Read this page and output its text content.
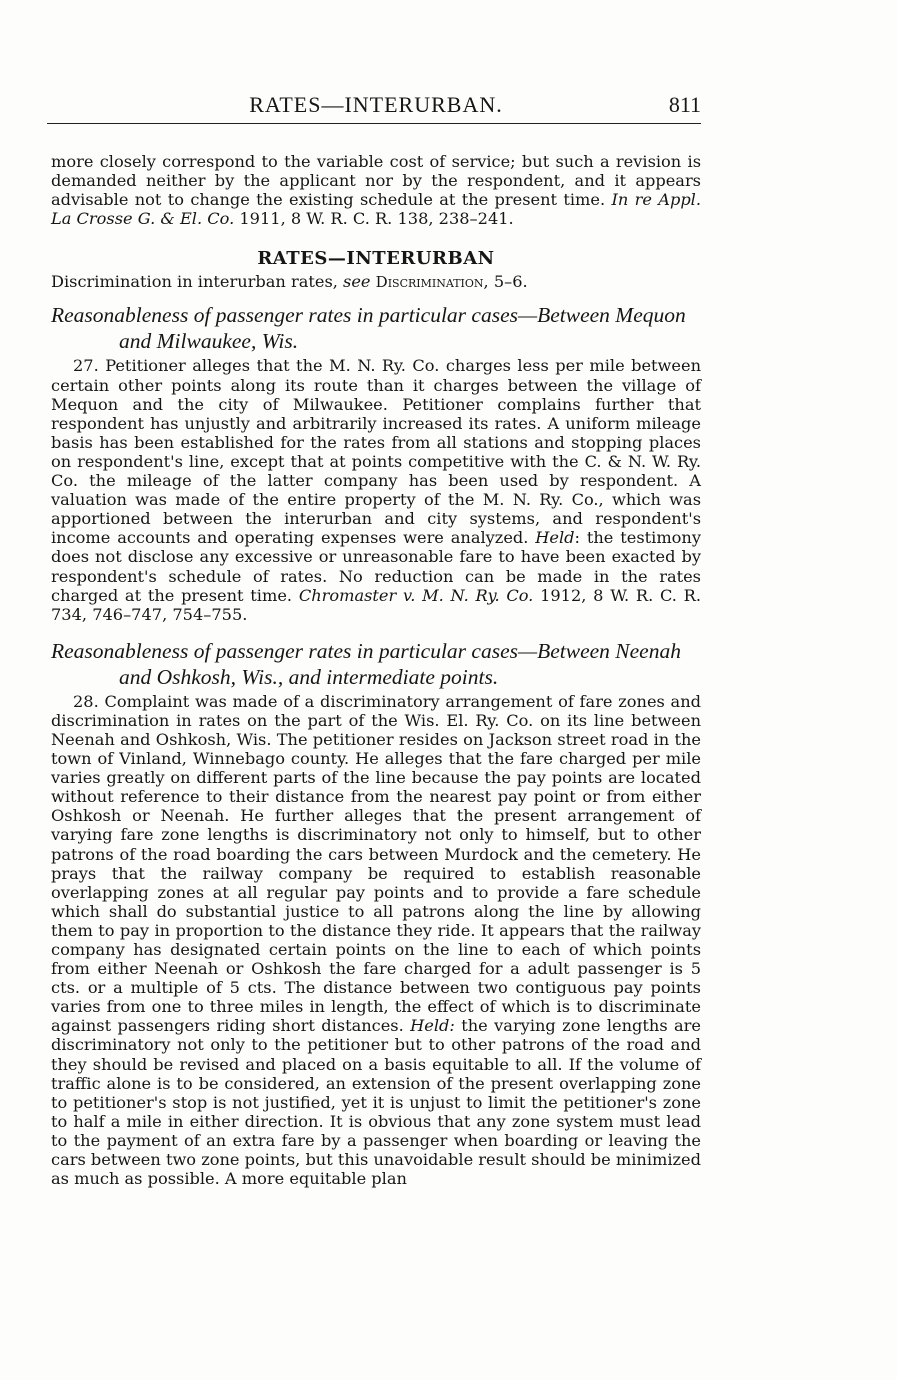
RATES—INTERURBAN.	811

more closely correspond to the variable cost of service; but such a revision is demanded neither by the applicant nor by the respondent, and it appears advisable not to change the existing schedule at the present time. In re Appl. La Crosse G. & El. Co. 1911, 8 W. R. C. R. 138, 238–241.

RATES—INTERURBAN

Discrimination in interurban rates, see Discrimination, 5–6.

Reasonableness of passenger rates in particular cases—Between Mequon and Milwaukee, Wis.

27. Petitioner alleges that the M. N. Ry. Co. charges less per mile between certain other points along its route than it charges between the village of Mequon and the city of Milwaukee. Petitioner complains further that respondent has unjustly and arbitrarily increased its rates. A uniform mileage basis has been established for the rates from all stations and stopping places on respondent's line, except that at points competitive with the C. & N. W. Ry. Co. the mileage of the latter company has been used by respondent. A valuation was made of the entire property of the M. N. Ry. Co., which was apportioned between the interurban and city systems, and respondent's income accounts and operating expenses were analyzed. Held: the testimony does not disclose any excessive or unreasonable fare to have been exacted by respondent's schedule of rates. No reduction can be made in the rates charged at the present time. Chromaster v. M. N. Ry. Co. 1912, 8 W. R. C. R. 734, 746–747, 754–755.

Reasonableness of passenger rates in particular cases—Between Neenah and Oshkosh, Wis., and intermediate points.

28. Complaint was made of a discriminatory arrangement of fare zones and discrimination in rates on the part of the Wis. El. Ry. Co. on its line between Neenah and Oshkosh, Wis. The petitioner resides on Jackson street road in the town of Vinland, Winnebago county. He alleges that the fare charged per mile varies greatly on different parts of the line because the pay points are located without reference to their distance from the nearest pay point or from either Oshkosh or Neenah. He further alleges that the present arrangement of varying fare zone lengths is discriminatory not only to himself, but to other patrons of the road boarding the cars between Murdock and the cemetery. He prays that the railway company be required to establish reasonable overlapping zones at all regular pay points and to provide a fare schedule which shall do substantial justice to all patrons along the line by allowing them to pay in proportion to the distance they ride. It appears that the railway company has designated certain points on the line to each of which points from either Neenah or Oshkosh the fare charged for a adult passenger is 5 cts. or a multiple of 5 cts. The distance between two contiguous pay points varies from one to three miles in length, the effect of which is to discriminate against passengers riding short distances. Held: the varying zone lengths are discriminatory not only to the petitioner but to other patrons of the road and they should be revised and placed on a basis equitable to all. If the volume of traffic alone is to be considered, an extension of the present overlapping zone to petitioner's stop is not justified, yet it is unjust to limit the petitioner's zone to half a mile in either direction. It is obvious that any zone system must lead to the payment of an extra fare by a passenger when boarding or leaving the cars between two zone points, but this unavoidable result should be minimized as much as possible. A more equitable plan
